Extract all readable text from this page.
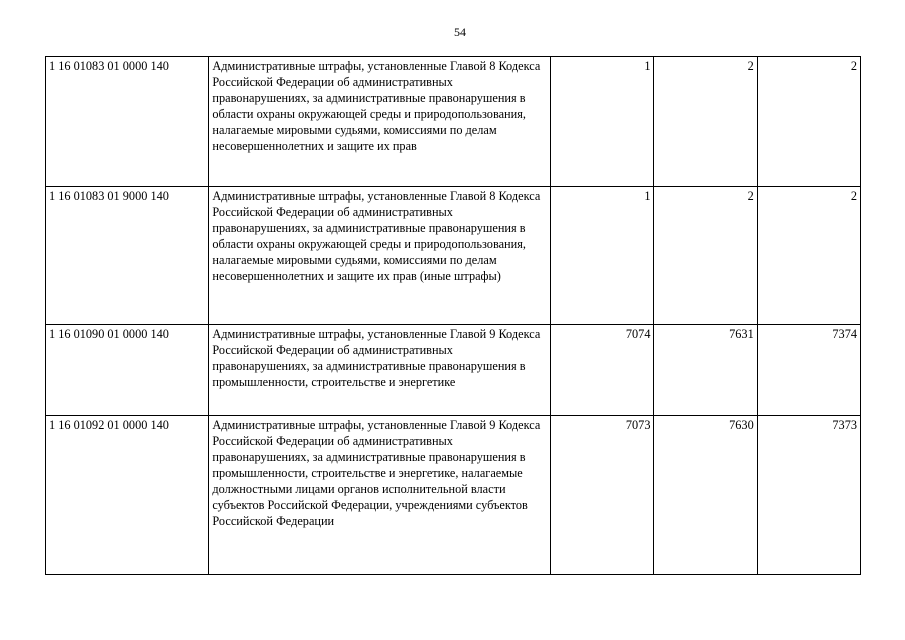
54
1 16 01083 01 0000 140	Административные штрафы, установленные Главой 8 Кодекса Российской Федерации об административных правонарушениях, за административные правонарушения в области охраны окружающей среды и природопользования, налагаемые мировыми судьями, комиссиями по делам несовершеннолетних и защите их прав	1	2	2
1 16 01083 01 9000 140	Административные штрафы, установленные Главой 8 Кодекса Российской Федерации об административных правонарушениях, за административные правонарушения в области охраны окружающей среды и природопользования, налагаемые мировыми судьями, комиссиями по делам несовершеннолетних и защите их прав (иные штрафы)	1	2	2
1 16 01090 01 0000 140	Административные штрафы, установленные Главой 9 Кодекса Российской Федерации об административных правонарушениях, за административные правонарушения в промышленности, строительстве и энергетике	7074	7631	7374
1 16 01092 01 0000 140	Административные штрафы, установленные Главой 9 Кодекса Российской Федерации об административных правонарушениях, за административные правонарушения в промышленности, строительстве и энергетике, налагаемые должностными лицами органов исполнительной власти субъектов Российской Федерации, учреждениями субъектов Российской Федерации	7073	7630	7373
